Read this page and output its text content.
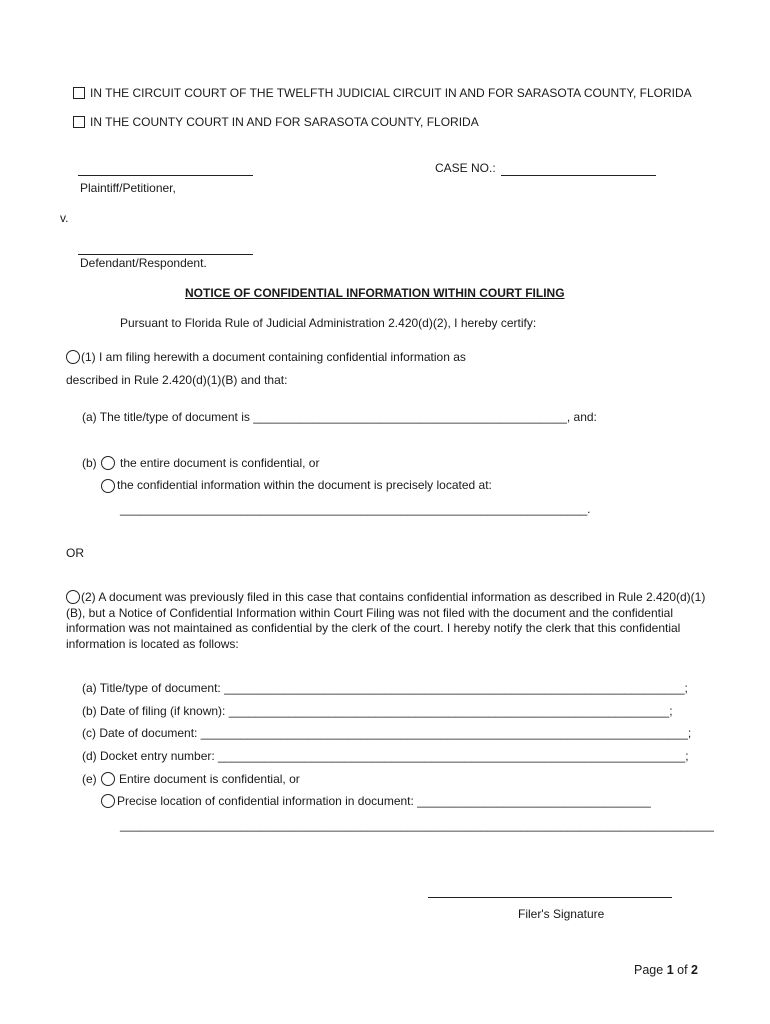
IN THE CIRCUIT COURT OF THE TWELFTH JUDICIAL CIRCUIT IN AND FOR SARASOTA COUNTY, FLORIDA
IN THE COUNTY COURT IN AND FOR SARASOTA COUNTY, FLORIDA
Plaintiff/Petitioner,
CASE NO.:
v.
Defendant/Respondent.
NOTICE OF CONFIDENTIAL INFORMATION WITHIN COURT FILING
Pursuant to Florida Rule of Judicial Administration 2.420(d)(2), I hereby certify:
(1) I am filing herewith a document containing confidential information as
described in Rule 2.420(d)(1)(B) and that:
(a) The title/type of document is _______________________________________________, and:
(b) the entire document is confidential, or
the confidential information within the document is precisely located at:
______________________________________________________________________.
OR
(2) A document was previously filed in this case that contains confidential information as described in Rule 2.420(d)(1)(B), but a Notice of Confidential Information within Court Filing was not filed with the document and the confidential information was not maintained as confidential by the clerk of the court. I hereby notify the clerk that this confidential information is located as follows:
(a) Title/type of document: _____________________________________________________________________;
(b) Date of filing (if known): __________________________________________________________________;
(c) Date of document: _________________________________________________________________________;
(d) Docket entry number: ______________________________________________________________________;
(e) Entire document is confidential, or
Precise location of confidential information in document: ___________________________________
_________________________________________________________________________________________
Filer's Signature
Page 1 of 2
